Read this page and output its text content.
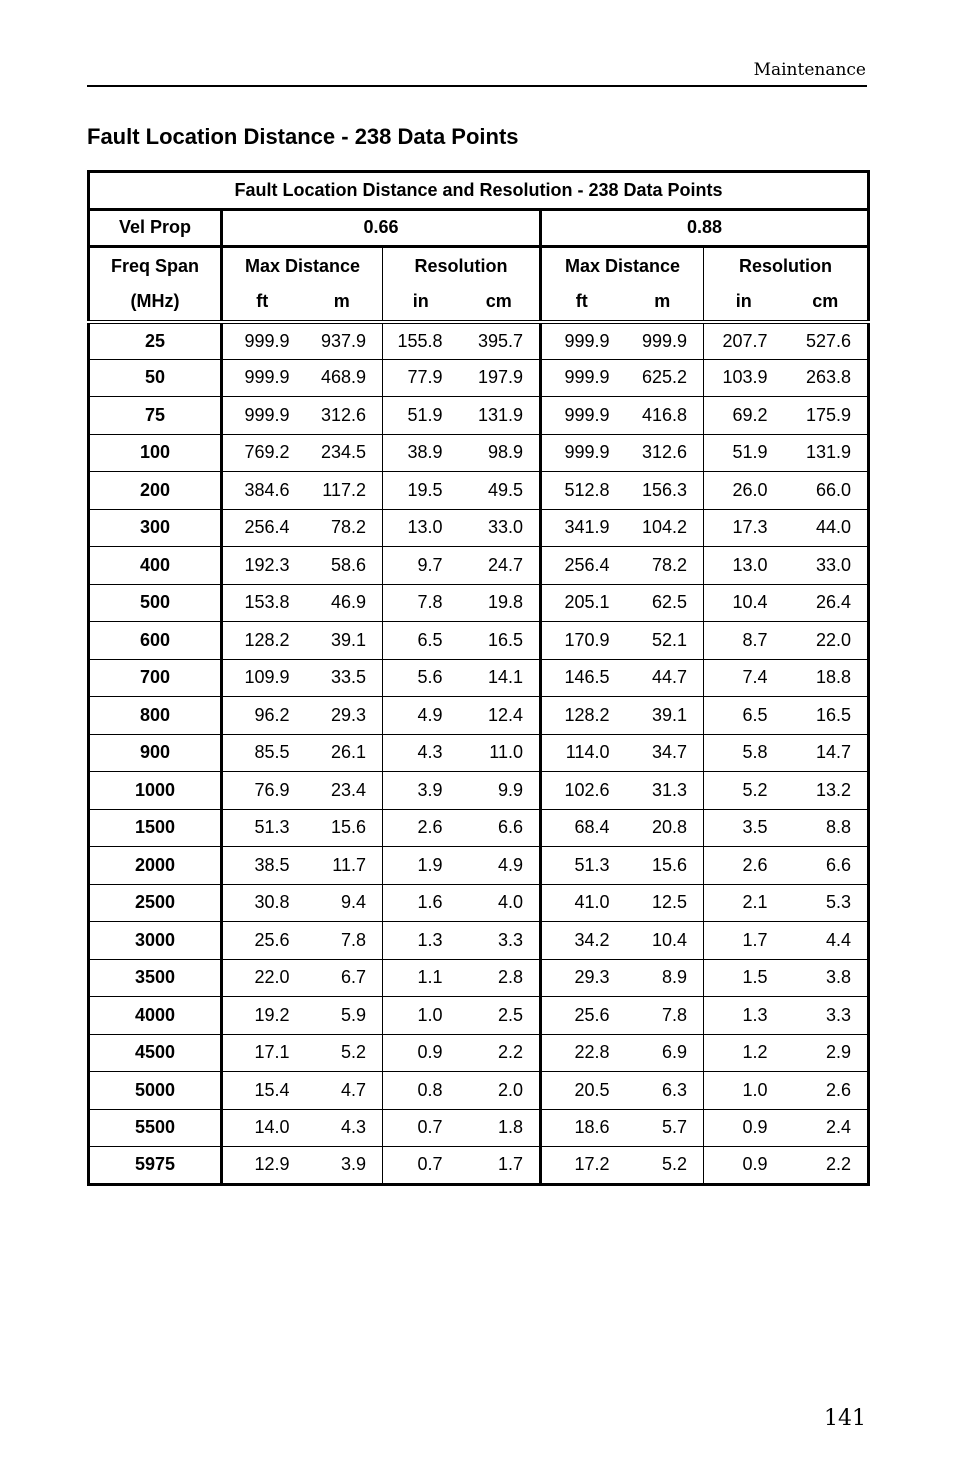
Maintenance
Fault Location Distance - 238 Data Points
Fault Location Distance and Resolution - 238 Data Points								
Vel Prop	0.66				0.88			
Freq Span	Max Distance		Resolution		Max Distance		Resolution	
(MHz)	ft	m	in	cm	ft	m	in	cm
25	999.9	937.9	155.8	395.7	999.9	999.9	207.7	527.6
50	999.9	468.9	77.9	197.9	999.9	625.2	103.9	263.8
75	999.9	312.6	51.9	131.9	999.9	416.8	69.2	175.9
100	769.2	234.5	38.9	98.9	999.9	312.6	51.9	131.9
200	384.6	117.2	19.5	49.5	512.8	156.3	26.0	66.0
300	256.4	78.2	13.0	33.0	341.9	104.2	17.3	44.0
400	192.3	58.6	9.7	24.7	256.4	78.2	13.0	33.0
500	153.8	46.9	7.8	19.8	205.1	62.5	10.4	26.4
600	128.2	39.1	6.5	16.5	170.9	52.1	8.7	22.0
700	109.9	33.5	5.6	14.1	146.5	44.7	7.4	18.8
800	96.2	29.3	4.9	12.4	128.2	39.1	6.5	16.5
900	85.5	26.1	4.3	11.0	114.0	34.7	5.8	14.7
1000	76.9	23.4	3.9	9.9	102.6	31.3	5.2	13.2
1500	51.3	15.6	2.6	6.6	68.4	20.8	3.5	8.8
2000	38.5	11.7	1.9	4.9	51.3	15.6	2.6	6.6
2500	30.8	9.4	1.6	4.0	41.0	12.5	2.1	5.3
3000	25.6	7.8	1.3	3.3	34.2	10.4	1.7	4.4
3500	22.0	6.7	1.1	2.8	29.3	8.9	1.5	3.8
4000	19.2	5.9	1.0	2.5	25.6	7.8	1.3	3.3
4500	17.1	5.2	0.9	2.2	22.8	6.9	1.2	2.9
5000	15.4	4.7	0.8	2.0	20.5	6.3	1.0	2.6
5500	14.0	4.3	0.7	1.8	18.6	5.7	0.9	2.4
5975	12.9	3.9	0.7	1.7	17.2	5.2	0.9	2.2
141
